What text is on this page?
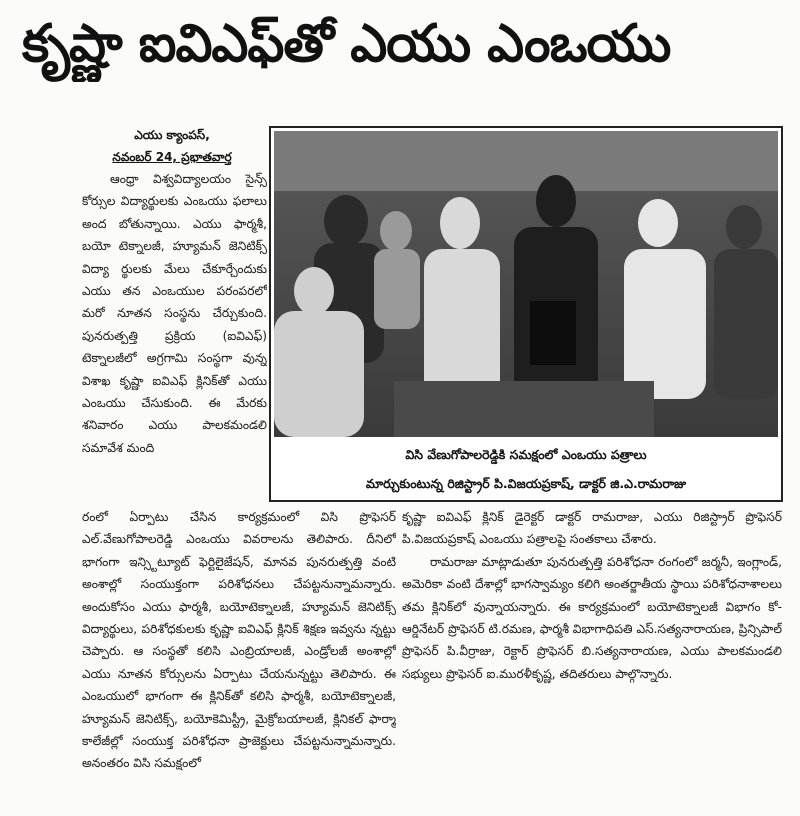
కృష్ణా ఐవిఎఫ్‌తో ఎయు ఎంఒయు
ఎయు క్యాంపస్,
నవంబర్ 24, ప్రభాతవార్త

ఆంధ్రా విశ్వవిద్యాలయం సైన్స్ కోర్సుల విద్యార్థులకు ఎంఒయు ఫలాలు అంద బోతున్నాయి. ఎయు ఫార్మశీ, బయో టెక్నాలజీ, హ్యూమన్ జెనిటిక్స్ విద్యా ర్థులకు మేలు చేకూర్చేందుకు ఎయు తన ఎంఒయుల పరంపరలో మరో నూతన సంస్థను చేర్చుకుంది. పునరుత్పత్తి ప్రక్రియ (ఐవిఎఫ్) టెక్నాలజీలో అగ్రగామి సంస్థగా వున్న విశాఖ కృష్ణా ఐవిఎఫ్ క్లినిక్‌తో ఎయు ఎంఒయు చేసుకుంది. ఈ మేరకు శనివారం ఎయు పాలకమండలి సమావేశ మంది	విసి వేణుగోపాలరెడ్డికి సమక్షంలో ఎంఒయు పత్రాలు
మార్చుకుంటున్న రిజిస్ట్రార్ పి.విజయప్రకాష్, డాక్టర్ జి.ఎ.రామరాజు

రంలో ఏర్పాటు చేసిన కార్యక్రమంలో విసి ప్రొఫెసర్ ఎల్.వేణుగోపాలరెడ్డి ఎంఒయు వివరాలను తెలిపారు. దీనిలో భాగంగా ఇన్స్టిట్యూట్ ఫెర్టిలైజేషన్, మానవ పునరుత్పత్తి వంటి అంశాల్లో సంయుక్తంగా పరిశోధనలు చేపట్టనున్నామన్నారు. అందుకోసం ఎయు ఫార్మశీ, బయోటెక్నాలజీ, హ్యూమన్ జెనిటిక్స్ విద్యార్థులు, పరిశోధకులకు కృష్ణా ఐవిఎఫ్ క్లినిక్ శిక్షణ ఇవ్వను న్నట్టు చెప్పారు. ఆ సంస్థతో కలిసి ఎంబ్రియాలజీ, ఎండ్రోలజీ అంశాల్లో ఎయు నూతన కోర్సులను ఏర్పాటు చేయనున్నట్టు తెలిపారు. ఈ ఎంఒయులో భాగంగా ఈ క్లినిక్‌తో కలిసి ఫార్మశీ, బయోటెక్నాలజీ, హ్యూమన్ జెనిటిక్స్, బయోకెమిస్ట్రీ, మైక్రోబయాలజీ, క్లినికల్ ఫార్మా కాలేజీల్లో సంయుక్త పరిశోధనా ప్రాజెక్టులు చేపట్టనున్నామన్నారు. అనంతరం విసి సమక్షంలో

కృష్ణా ఐవిఎఫ్ క్లినిక్ డైరెక్టర్ డాక్టర్ రామరాజు, ఎయు రిజిస్ట్రార్ ప్రొఫెసర్ పి.విజయప్రకాష్ ఎంఒయు పత్రాలపై సంతకాలు చేశారు.

రామరాజు మాట్లాడుతూ పునరుత్పత్తి పరిశోధనా రంగంలో జర్మనీ, ఇంగ్లాండ్, అమెరికా వంటి దేశాల్లో భాగస్వామ్యం కలిగి అంతర్జాతీయ స్థాయి పరిశోధనాశాలలు తమ క్లినిక్‌లో వున్నాయన్నారు. ఈ కార్యక్రమంలో బయోటెక్నాలజీ విభాగం కో-ఆర్డినేటర్ ప్రొఫెసర్ టి.రమణ, ఫార్మశీ విభాగాధిపతి ఎస్.సత్యనారాయణ, ప్రిన్సిపాల్ ప్రొఫెసర్ పి.వీర్రాజు, రెక్టార్ ప్రొఫెసర్ బి.సత్యనారాయణ, ఎయు పాలకమండలి సభ్యులు ప్రొఫెసర్ ఐ.మురళీకృష్ణ, తదితరులు పాల్గొన్నారు.
